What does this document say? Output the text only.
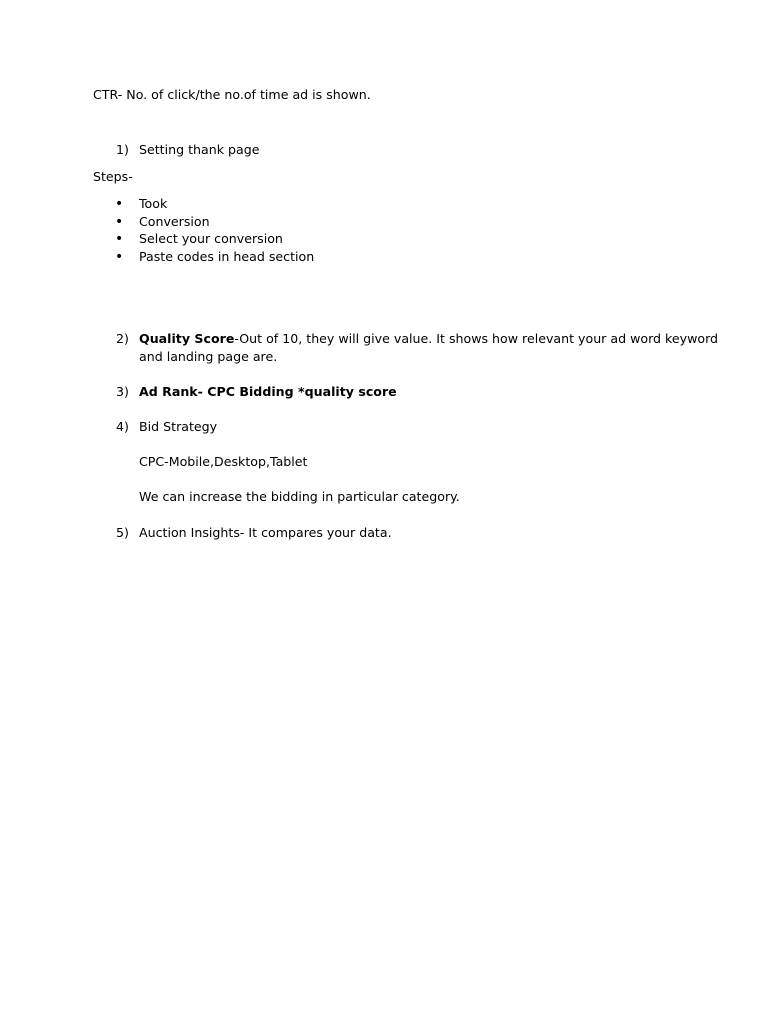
CTR- No. of click/the no.of time ad is shown.
1) Setting thank page
Steps-
• Took
• Conversion
• Select your conversion
• Paste codes in head section
2) Quality Score-Out of 10, they will give value. It shows how relevant your ad word keyword
and landing page are.
3) Ad Rank- CPC Bidding *quality score
4) Bid Strategy
CPC-Mobile,Desktop,Tablet
We can increase the bidding in particular category.
5) Auction Insights- It compares your data.
